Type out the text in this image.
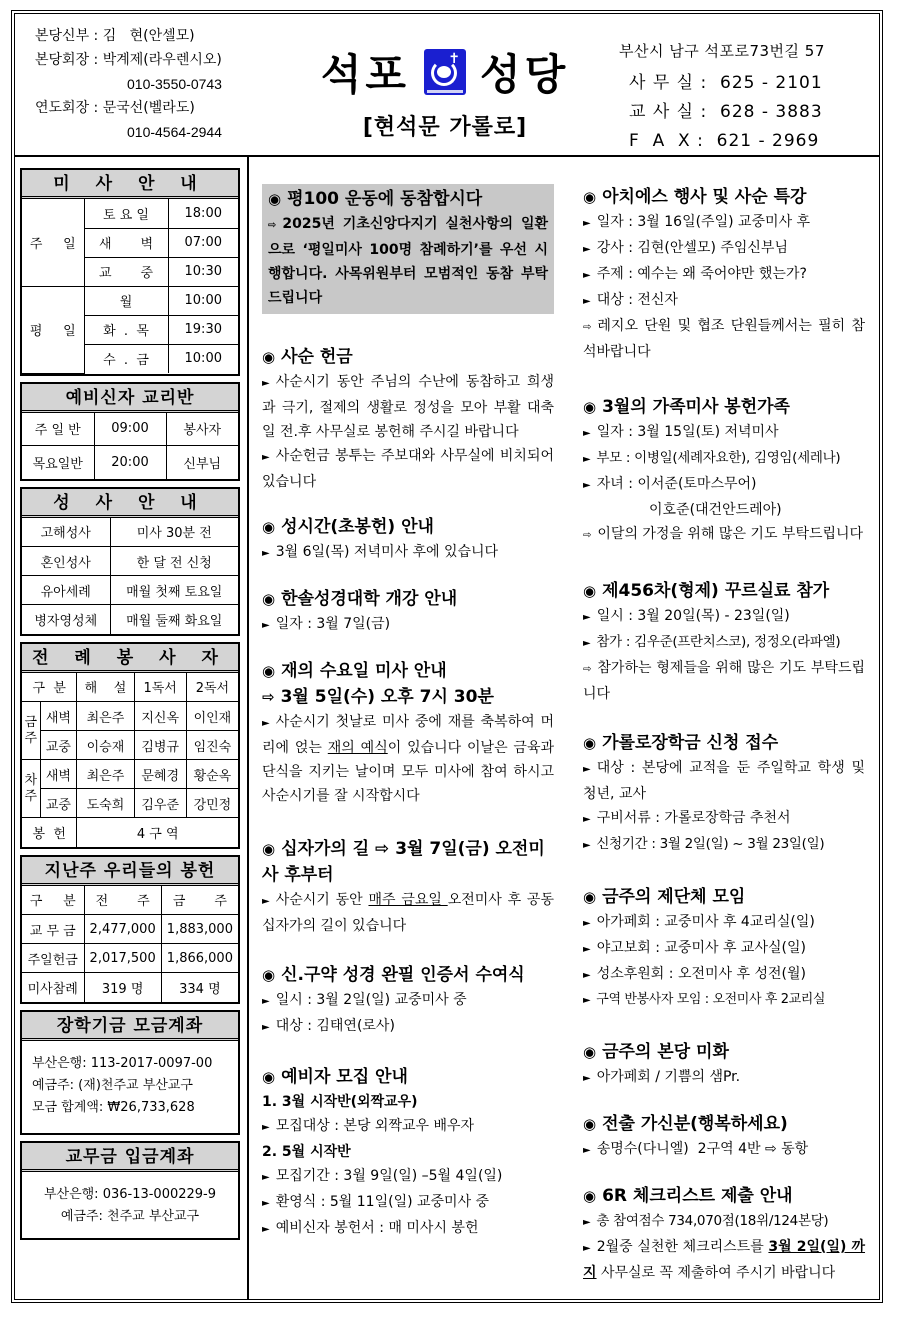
본당신부 : 김   현(안셀모)
본당회장 : 박계제(라우렌시오)
010-3550-0743
연도회장 : 문국선(벨라도)
010-4564-2944
석포	✝ 성당
[현석문 가롤로]
부산시 남구 석포로73번길 57
사 무 실 :  625 - 2101
교 사 실 :  628 - 3883
F  A  X :  621 - 2969
미 사 안 내
주     일	토 요 일	18:00
	새       벽	07:00
	교       중	10:30
평     일	월	10:00
	화  .  목	19:30
	수  .  금	10:00
예비신자 교리반
주 일 반	09:00	봉사자
목요일반	20:00	신부님
성 사 안 내
고해성사	미사 30분 전
혼인성사	한 달 전 신청
유아세례	매월 첫째 토요일
병자영성체	매월 둘째 화요일
전 례 봉 사 자
구  분		해    설	1독서	2독서
금주	새벽	최은주	지신옥	이인재
	교중	이승재	김병규	임진숙
차주	새벽	최은주	문혜경	황순옥
	교중	도숙희	김우준	강민정
봉  헌		4 구 역		
지난주 우리들의 봉헌
구     분	전       주	금       주
교 무 금	2,477,000	1,883,000
주일헌금	2,017,500	1,866,000
미사참례	319 명	334 명
장학기금 모금계좌
부산은행: 113-2017-0097-00
예금주: (재)천주교 부산교구
모금 합계액: ₩26,733,628
교무금 입금계좌
부산은행: 036-13-000229-9
예금주: 천주교 부산교구
◉ 평100 운동에 동참합시다
⇨ 2025년 기초신앙다지기 실천사항의 일환으로 ‘평일미사 100명 참례하기’를 우선 시행합니다. 사목위원부터 모범적인 동참 부탁드립니다
◉ 사순 헌금
► 사순시기 동안 주님의 수난에 동참하고 희생과 극기, 절제의 생활로 정성을 모아 부활 대축일 전.후 사무실로 봉헌해 주시길 바랍니다
► 사순헌금 봉투는 주보대와 사무실에 비치되어 있습니다
◉ 성시간(초봉헌) 안내
► 3월 6일(목) 저녁미사 후에 있습니다
◉ 한솔성경대학 개강 안내
► 일자 : 3월 7일(금)
◉ 재의 수요일 미사 안내
⇨ 3월 5일(수) 오후 7시 30분
► 사순시기 첫날로 미사 중에 재를 축복하여 머리에 얹는 재의 예식이 있습니다 이날은 금육과 단식을 지키는 날이며 모두 미사에 참여 하시고 사순시기를 잘 시작합시다
◉ 십자가의 길 ⇨ 3월 7일(금) 오전미사 후부터
► 사순시기 동안 매주 금요일 오전미사 후 공동 십자가의 길이 있습니다
◉ 신.구약 성경 완필 인증서 수여식
► 일시 : 3월 2일(일) 교중미사 중
► 대상 : 김태연(로사)
◉ 예비자 모집 안내
1. 3월 시작반(외짝교우)
► 모집대상 : 본당 외짝교우 배우자
2. 5월 시작반
► 모집기간 : 3월 9일(일) –5월 4일(일)
► 환영식 : 5월 11일(일) 교중미사 중
► 예비신자 봉헌서 : 매 미사시 봉헌
◉ 아치에스 행사 및 사순 특강
► 일자 : 3월 16일(주일) 교중미사 후
► 강사 : 김현(안셀모) 주임신부님
► 주제 : 예수는 왜 죽어야만 했는가?
► 대상 : 전신자
⇨ 레지오 단원 및 협조 단원들께서는 필히 참석바랍니다
◉ 3월의 가족미사 봉헌가족
► 일자 : 3월 15일(토) 저녁미사
► 부모 : 이병일(세례자요한), 김영임(세레나)
► 자녀 : 이서준(토마스무어)
이호준(대건안드레아)
⇨ 이달의 가정을 위해 많은 기도 부탁드립니다
◉ 제456차(형제) 꾸르실료 참가
► 일시 : 3월 20일(목) - 23일(일)
► 참가 : 김우준(프란치스코), 정정오(라파엘)
⇨ 참가하는 형제들을 위해 많은 기도 부탁드립니다
◉ 가롤로장학금 신청 접수
► 대상 : 본당에 교적을 둔 주일학교 학생 및 청년, 교사
► 구비서류 : 가롤로장학금 추천서
► 신청기간 : 3월 2일(일) ~ 3월 23일(일)
◉ 금주의 제단체 모임
► 아가페회 : 교중미사 후 4교리실(일)
► 야고보회 : 교중미사 후 교사실(일)
► 성소후원회 : 오전미사 후 성전(월)
► 구역 반봉사자 모임 : 오전미사 후 2교리실
◉ 금주의 본당 미화
► 아가페회 / 기쁨의 샘Pr.
◉ 전출 가신분(행복하세요)
► 송명수(다니엘)  2구역 4반 ⇨ 동항
◉ 6R 체크리스트 제출 안내
► 총 참여점수 734,070점(18위/124본당)
► 2월중 실천한 체크리스트를 3월 2일(일) 까지 사무실로 꼭 제출하여 주시기 바랍니다
